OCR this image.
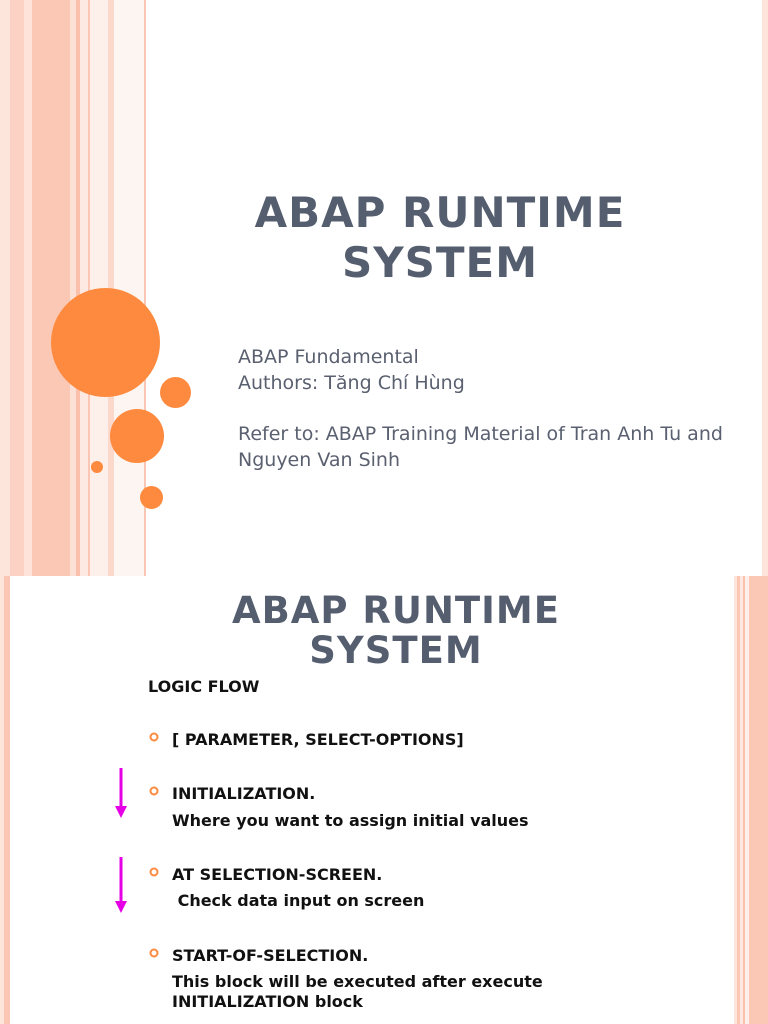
ABAP RUNTIME SYSTEM
ABAP Fundamental
Authors: Tăng Chí Hùng
Refer to: ABAP Training Material of Tran Anh Tu and
Nguyen Van Sinh
ABAP RUNTIME SYSTEM
LOGIC FLOW
[ PARAMETER, SELECT-OPTIONS]
INITIALIZATION.
Where you want to assign initial values
AT SELECTION-SCREEN.
Check data input on screen
START-OF-SELECTION.
This block will be executed after execute
INITIALIZATION block
